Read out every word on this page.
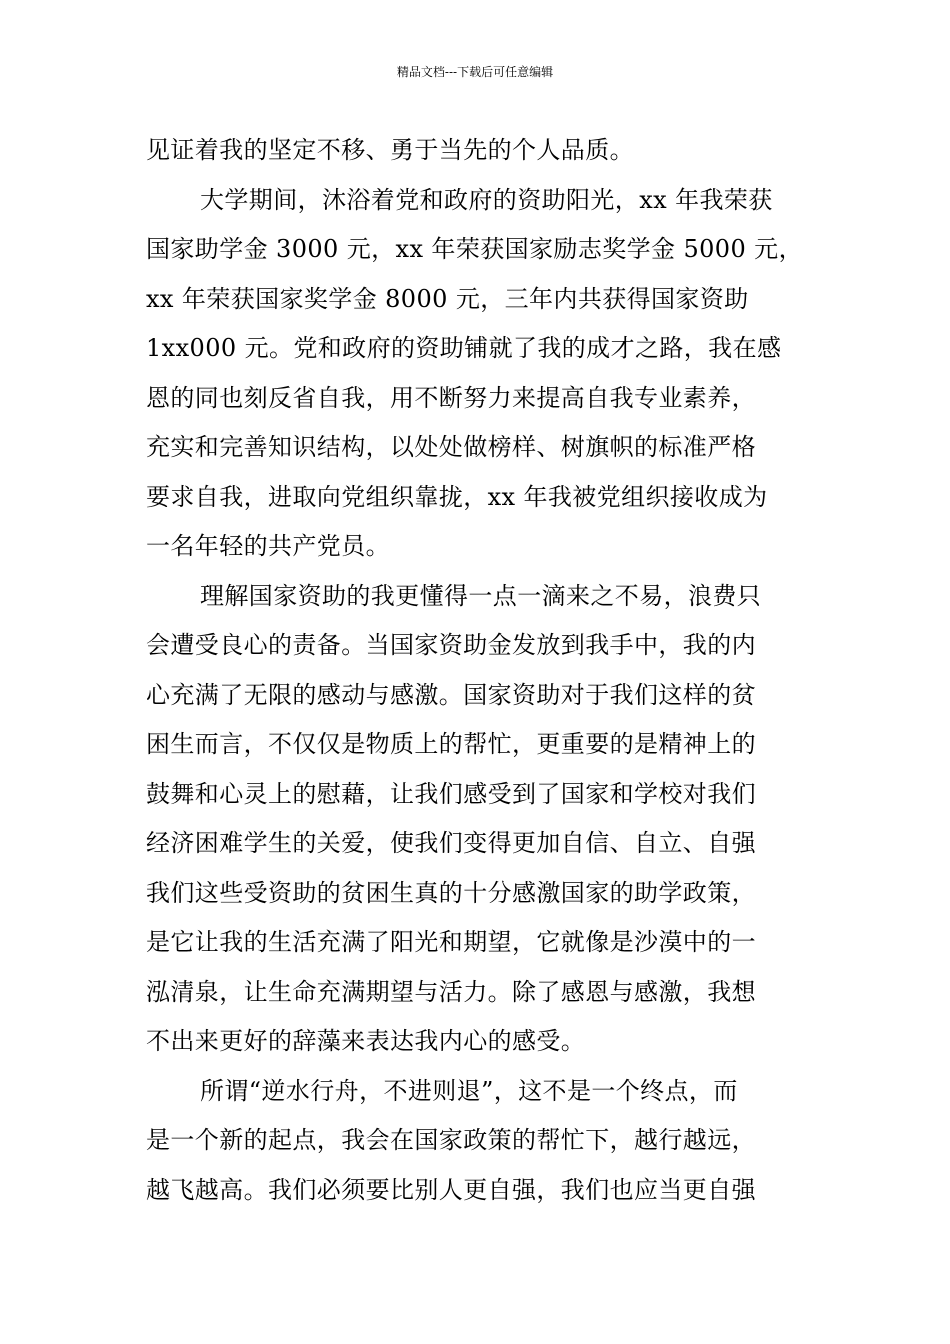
精品文档---下载后可任意编辑
见证着我的坚定不移、勇于当先的个人品质。
大学期间，沐浴着党和政府的资助阳光，xx 年我荣获
国家助学金 3000 元，xx 年荣获国家励志奖学金 5000 元，
xx 年荣获国家奖学金 8000 元，三年内共获得国家资助
1xx000 元。党和政府的资助铺就了我的成才之路，我在感
恩的同也刻反省自我，用不断努力来提高自我专业素养，
充实和完善知识结构，以处处做榜样、树旗帜的标准严格
要求自我，进取向党组织靠拢，xx 年我被党组织接收成为
一名年轻的共产党员。
理解国家资助的我更懂得一点一滴来之不易，浪费只
会遭受良心的责备。当国家资助金发放到我手中，我的内
心充满了无限的感动与感激。国家资助对于我们这样的贫
困生而言，不仅仅是物质上的帮忙，更重要的是精神上的
鼓舞和心灵上的慰藉，让我们感受到了国家和学校对我们
经济困难学生的关爱，使我们变得更加自信、自立、自强
我们这些受资助的贫困生真的十分感激国家的助学政策，
是它让我的生活充满了阳光和期望，它就像是沙漠中的一
泓清泉，让生命充满期望与活力。除了感恩与感激，我想
不出来更好的辞藻来表达我内心的感受。
所谓“逆水行舟，不进则退”，这不是一个终点，而
是一个新的起点，我会在国家政策的帮忙下，越行越远，
越飞越高。我们必须要比别人更自强，我们也应当更自强
